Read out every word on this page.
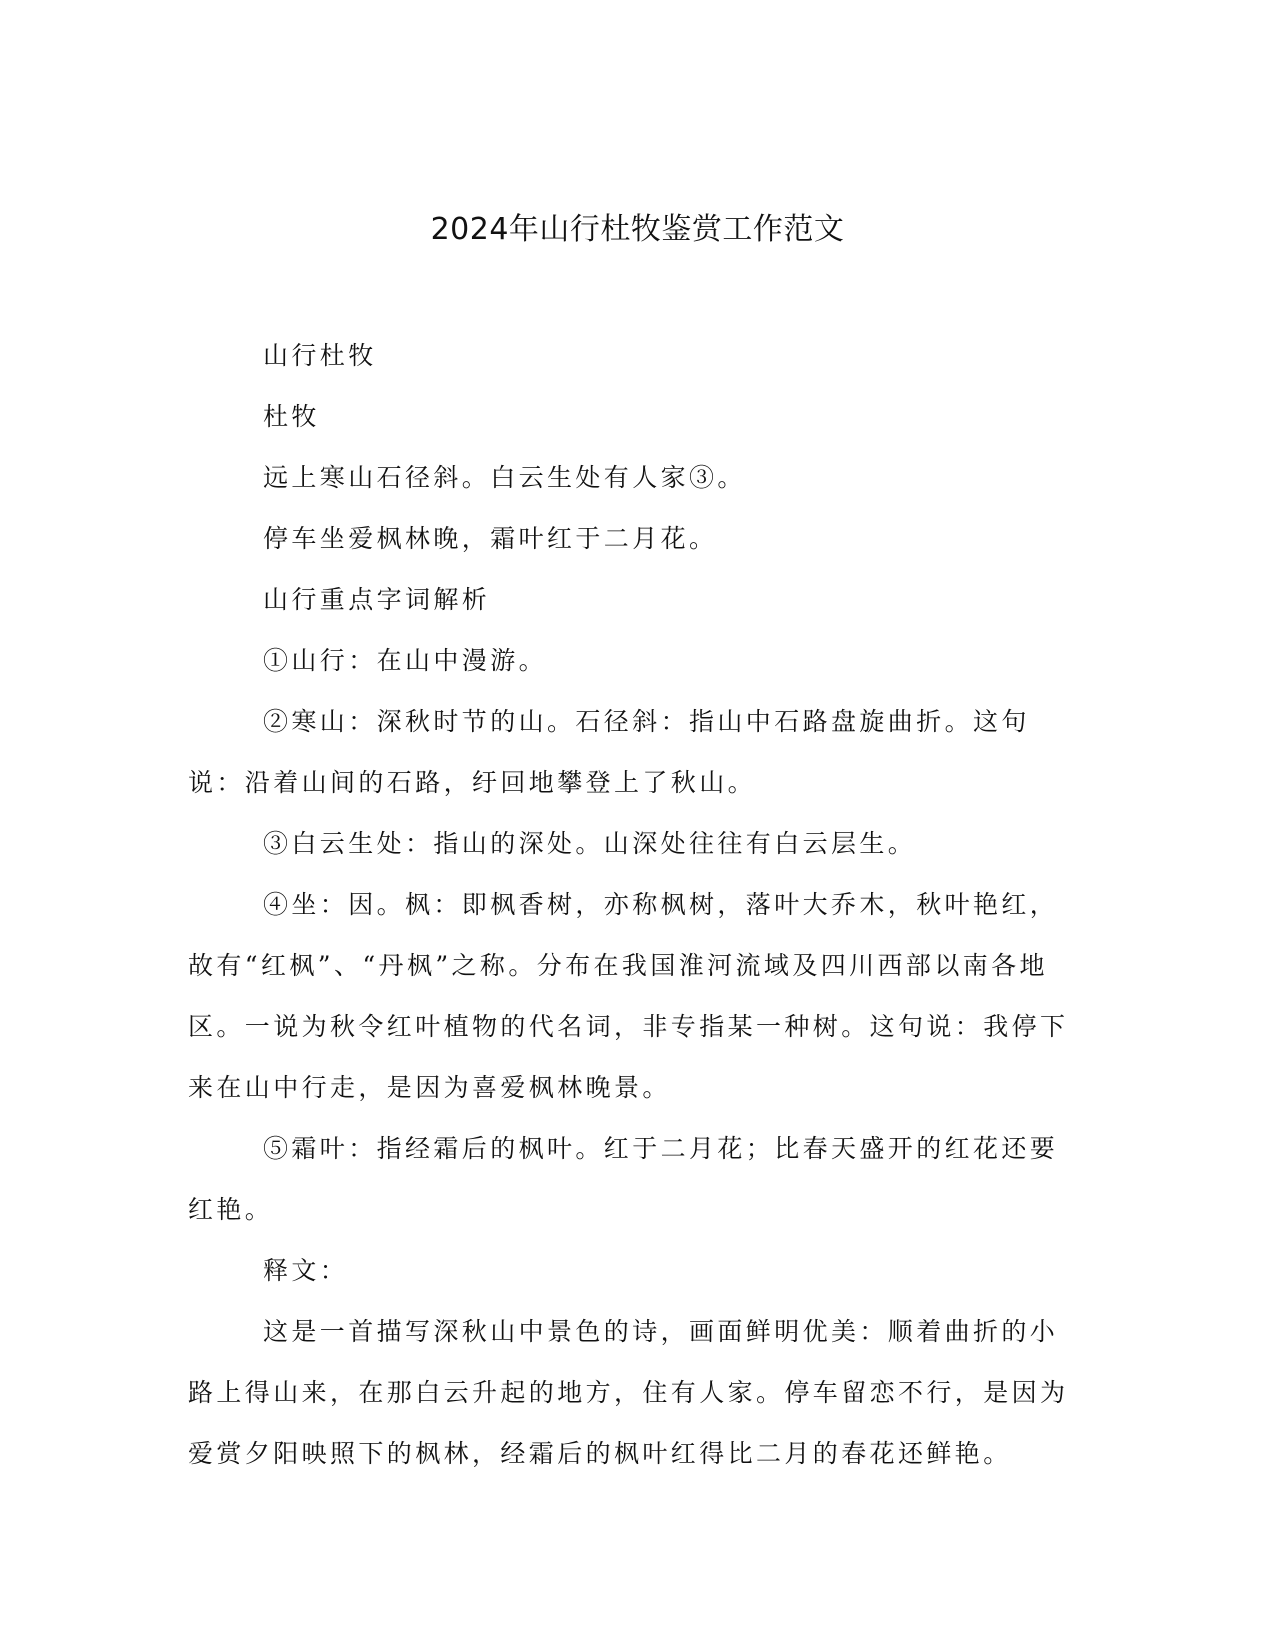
2024年山行杜牧鉴赏工作范文

山行杜牧

杜牧

远上寒山石径斜。白云生处有人家③。

停车坐爱枫林晚，霜叶红于二月花。

山行重点字词解析

①山行：在山中漫游。

②寒山：深秋时节的山。石径斜：指山中石路盘旋曲折。这句说：沿着山间的石路，纡回地攀登上了秋山。

③白云生处：指山的深处。山深处往往有白云层生。

④坐：因。枫：即枫香树，亦称枫树，落叶大乔木，秋叶艳红，故有“红枫”、“丹枫”之称。分布在我国淮河流域及四川西部以南各地区。一说为秋令红叶植物的代名词，非专指某一种树。这句说：我停下来在山中行走，是因为喜爱枫林晚景。

⑤霜叶：指经霜后的枫叶。红于二月花；比春天盛开的红花还要红艳。

释文：

这是一首描写深秋山中景色的诗，画面鲜明优美：顺着曲折的小路上得山来，在那白云升起的地方，住有人家。停车留恋不行，是因为爱赏夕阳映照下的枫林，经霜后的枫叶红得比二月的春花还鲜艳。
